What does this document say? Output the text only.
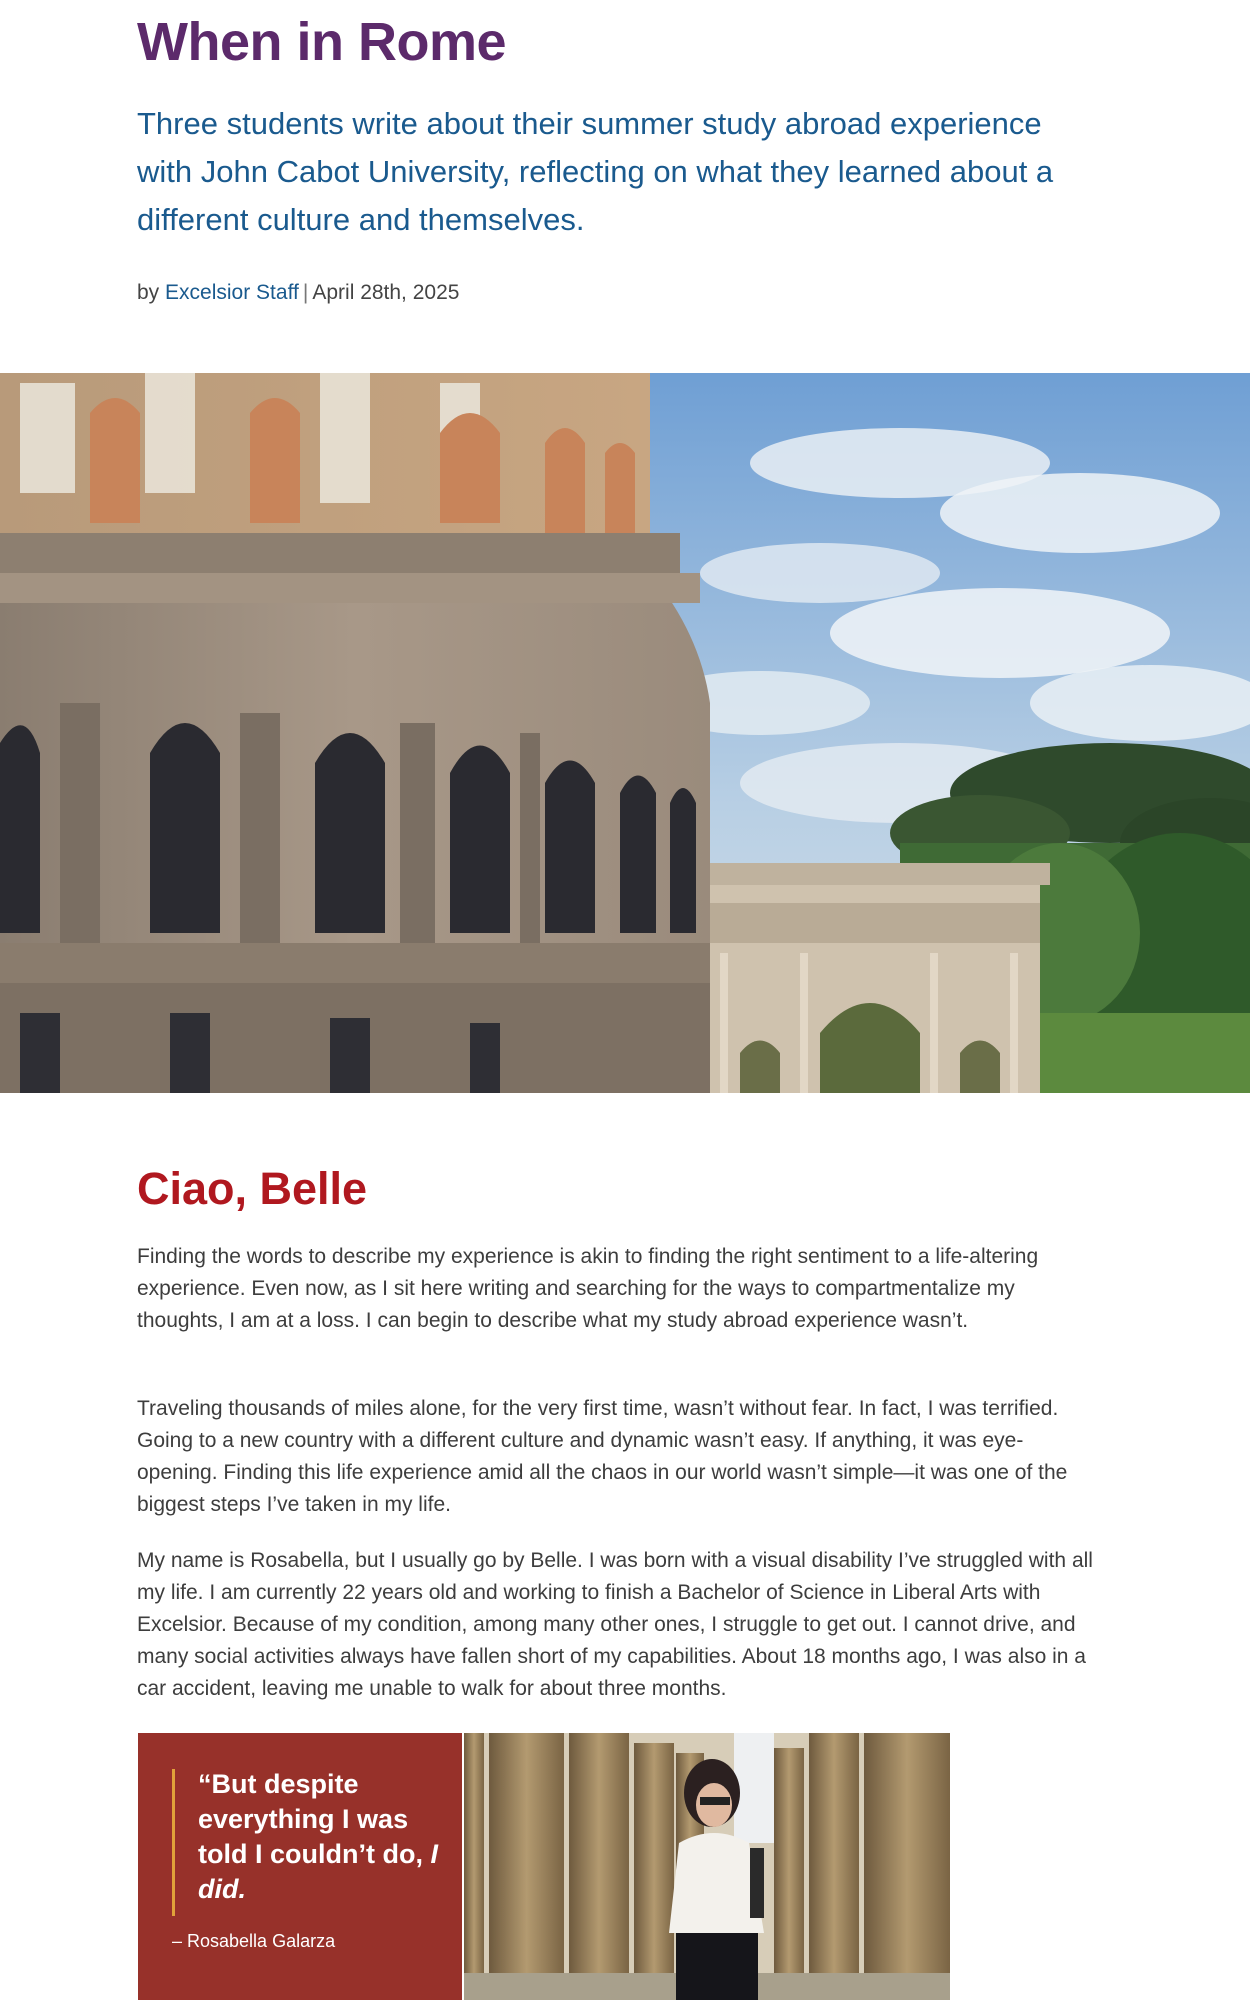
When in Rome

Three students write about their summer study abroad experience with John Cabot University, reflecting on what they learned about a different culture and themselves.

by Excelsior Staff | April 28th, 2025
Ciao, Belle

Finding the words to describe my experience is akin to finding the right sentiment to a life-altering experience. Even now, as I sit here writing and searching for the ways to compartmentalize my thoughts, I am at a loss. I can begin to describe what my study abroad experience wasn’t.

Traveling thousands of miles alone, for the very first time, wasn’t without fear. In fact, I was terrified. Going to a new country with a different culture and dynamic wasn’t easy. If anything, it was eye-opening. Finding this life experience amid all the chaos in our world wasn’t simple—it was one of the biggest steps I’ve taken in my life.

My name is Rosabella, but I usually go by Belle. I was born with a visual disability I’ve struggled with all my life. I am currently 22 years old and working to finish a Bachelor of Science in Liberal Arts with Excelsior. Because of my condition, among many other ones, I struggle to get out. I cannot drive, and many social activities always have fallen short of my capabilities. About 18 months ago, I was also in a car accident, leaving me unable to walk for about three months.

“But despite everything I was told I couldn’t do, I did.
– Rosabella Galarza
